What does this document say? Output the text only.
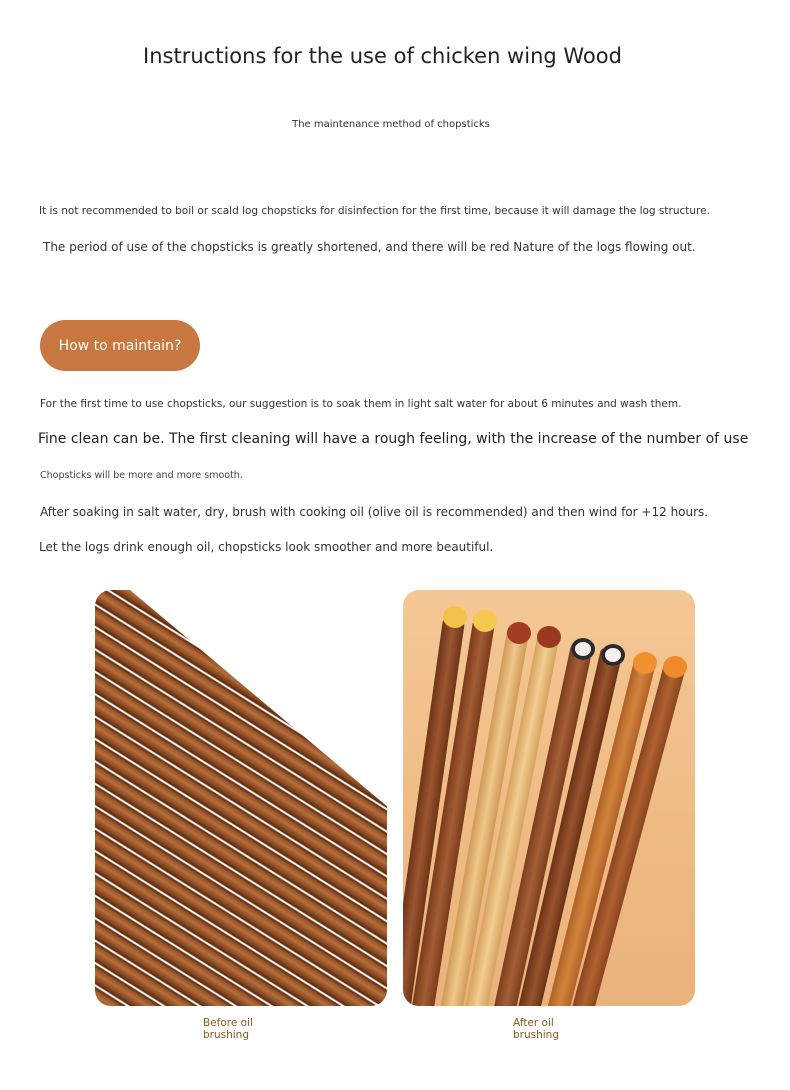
Instructions for the use of chicken wing Wood
The maintenance method of chopsticks
It is not recommended to boil or scald log chopsticks for disinfection for the first time, because it will damage the log structure.
The period of use of the chopsticks is greatly shortened, and there will be red Nature of the logs flowing out.
How to maintain?
For the first time to use chopsticks, our suggestion is to soak them in light salt water for about 6 minutes and wash them.
Fine clean can be. The first cleaning will have a rough feeling, with the increase of the number of use
Chopsticks will be more and more smooth.
After soaking in salt water, dry, brush with cooking oil (olive oil is recommended) and then wind for +12 hours.
Let the logs drink enough oil, chopsticks look smoother and more beautiful.
Before oil
brushing
After oil
brushing
